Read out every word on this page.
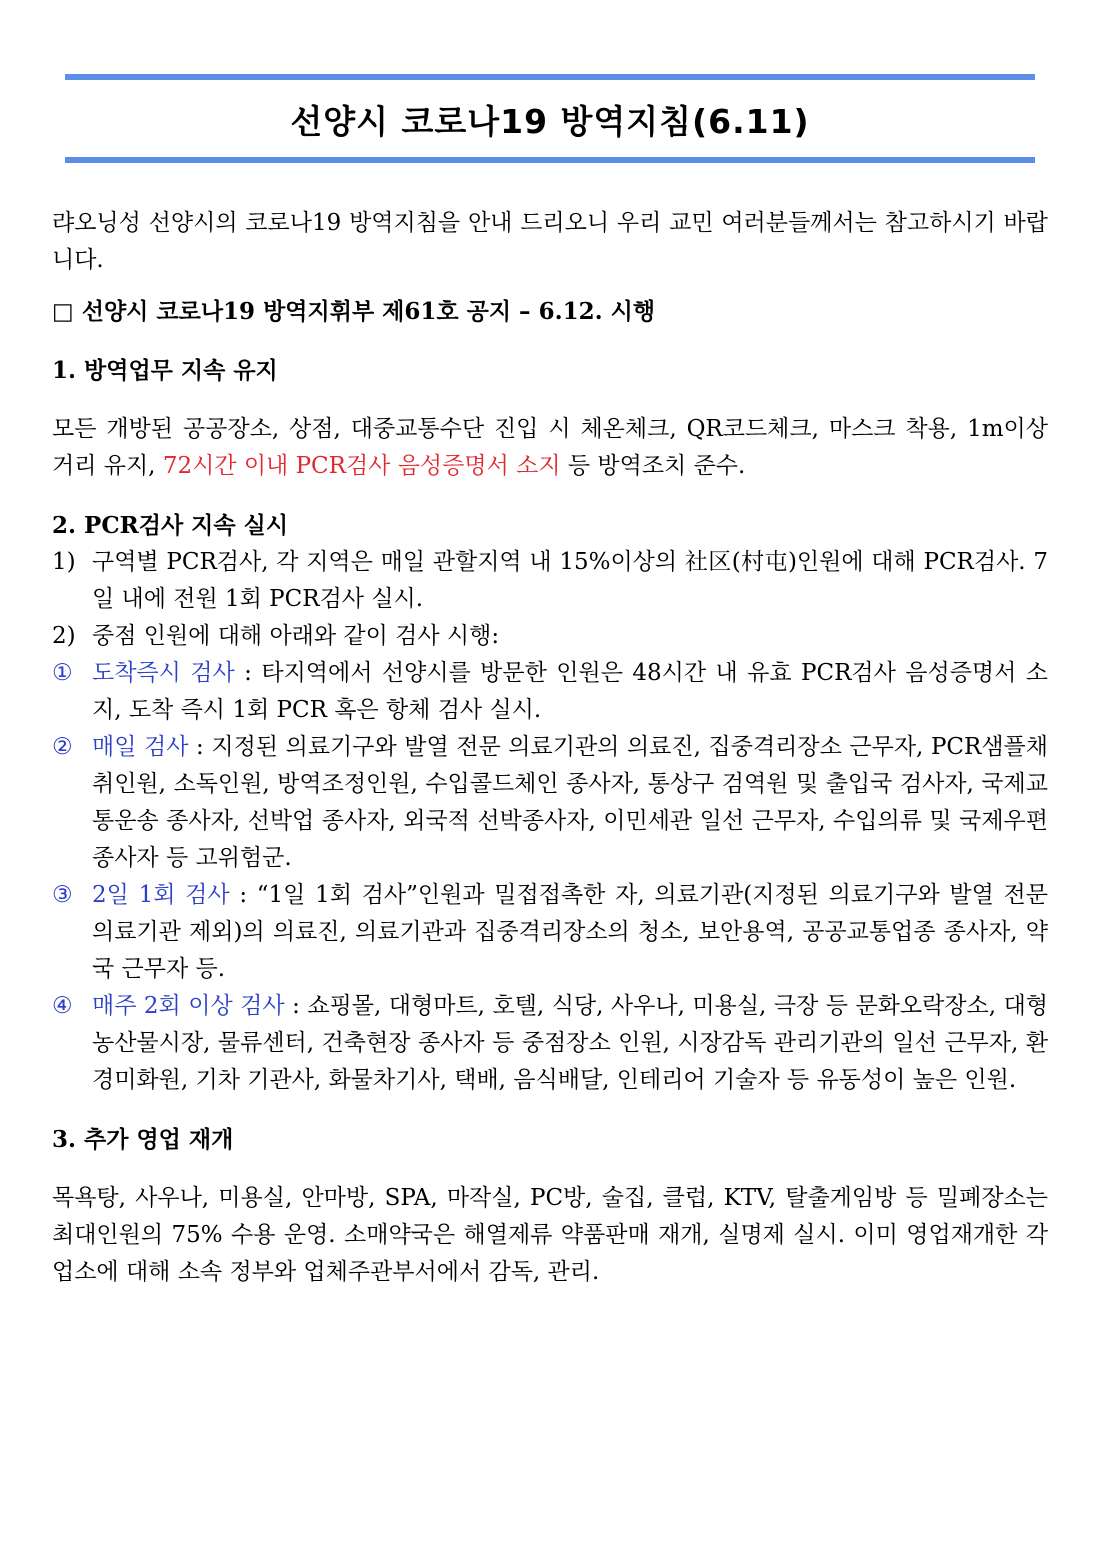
선양시 코로나19 방역지침(6.11)

랴오닝성 선양시의 코로나19 방역지침을 안내 드리오니 우리 교민 여러분들께서는 참고하시기 바랍니다.

□ 선양시 코로나19 방역지휘부 제61호 공지 – 6.12. 시행

1. 방역업무 지속 유지

모든 개방된 공공장소, 상점, 대중교통수단 진입 시 체온체크, QR코드체크, 마스크 착용, 1m이상 거리 유지, 72시간 이내 PCR검사 음성증명서 소지 등 방역조치 준수.

2. PCR검사 지속 실시

1) 구역별 PCR검사, 각 지역은 매일 관할지역 내 15%이상의 社区(村屯)인원에 대해 PCR검사. 7일 내에 전원 1회 PCR검사 실시.
2) 중점 인원에 대해 아래와 같이 검사 시행:
① 도착즉시 검사 : 타지역에서 선양시를 방문한 인원은 48시간 내 유효 PCR검사 음성증명서 소지, 도착 즉시 1회 PCR 혹은 항체 검사 실시.
② 매일 검사 : 지정된 의료기구와 발열 전문 의료기관의 의료진, 집중격리장소 근무자, PCR샘플채취인원, 소독인원, 방역조정인원, 수입콜드체인 종사자, 통상구 검역원 및 출입국 검사자, 국제교통운송 종사자, 선박업 종사자, 외국적 선박종사자, 이민세관 일선 근무자, 수입의류 및 국제우편 종사자 등 고위험군.
③ 2일 1회 검사 : “1일 1회 검사”인원과 밀접접촉한 자, 의료기관(지정된 의료기구와 발열 전문 의료기관 제외)의 의료진, 의료기관과 집중격리장소의 청소, 보안용역, 공공교통업종 종사자, 약국 근무자 등.
④ 매주 2회 이상 검사 : 쇼핑몰, 대형마트, 호텔, 식당, 사우나, 미용실, 극장 등 문화오락장소, 대형농산물시장, 물류센터, 건축현장 종사자 등 중점장소 인원, 시장감독 관리기관의 일선 근무자, 환경미화원, 기차 기관사, 화물차기사, 택배, 음식배달, 인테리어 기술자 등 유동성이 높은 인원.

3. 추가 영업 재개

목욕탕, 사우나, 미용실, 안마방, SPA, 마작실, PC방, 술집, 클럽, KTV, 탈출게임방 등 밀폐장소는 최대인원의 75% 수용 운영. 소매약국은 해열제류 약품판매 재개, 실명제 실시. 이미 영업재개한 각 업소에 대해 소속 정부와 업체주관부서에서 감독, 관리.
